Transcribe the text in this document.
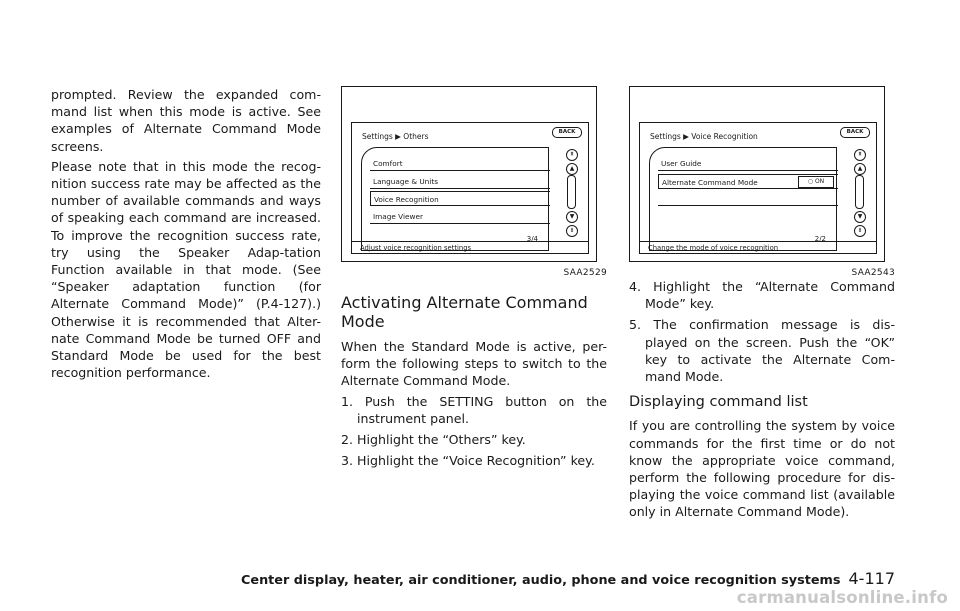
prompted. Review the expanded com-mand list when this mode is active. See examples of Alternate Command Mode screens.

Please note that in this mode the recog-nition success rate may be affected as the number of available commands and ways of speaking each command are increased. To improve the recognition success rate, try using the Speaker Adap-tation Function available in that mode. (See “Speaker adaptation function (for Alternate Command Mode)” (P.4-127).) Otherwise it is recommended that Alter-nate Command Mode be turned OFF and Standard Mode be used for the best recognition performance.

Settings ▶ Others	BACK
Comfort
Language & Units
Voice Recognition
Image Viewer
3/4
⇞
▲
▼
⇟
Adjust voice recognition settings
SAA2529
Activating Alternate Command Mode

When the Standard Mode is active, per-form the following steps to switch to the Alternate Command Mode.

1. Push the SETTING button on the instrument panel.
2. Highlight the “Others” key.
3. Highlight the “Voice Recognition” key.
Settings ▶ Voice Recognition	BACK
User Guide
Alternate Command Mode	○ ON
2/2
⇞
▲
▼
⇟
Change the mode of voice recognition
SAA2543
4. Highlight the “Alternate Command Mode” key.
5. The confirmation message is dis-played on the screen. Push the “OK” key to activate the Alternate Com-mand Mode.
Displaying command list

If you are controlling the system by voice commands for the first time or do not know the appropriate voice command, perform the following procedure for dis-playing the voice command list (available only in Alternate Command Mode).

Center display, heater, air conditioner, audio, phone and voice recognition systems 4-117
carmanualsonline.info
